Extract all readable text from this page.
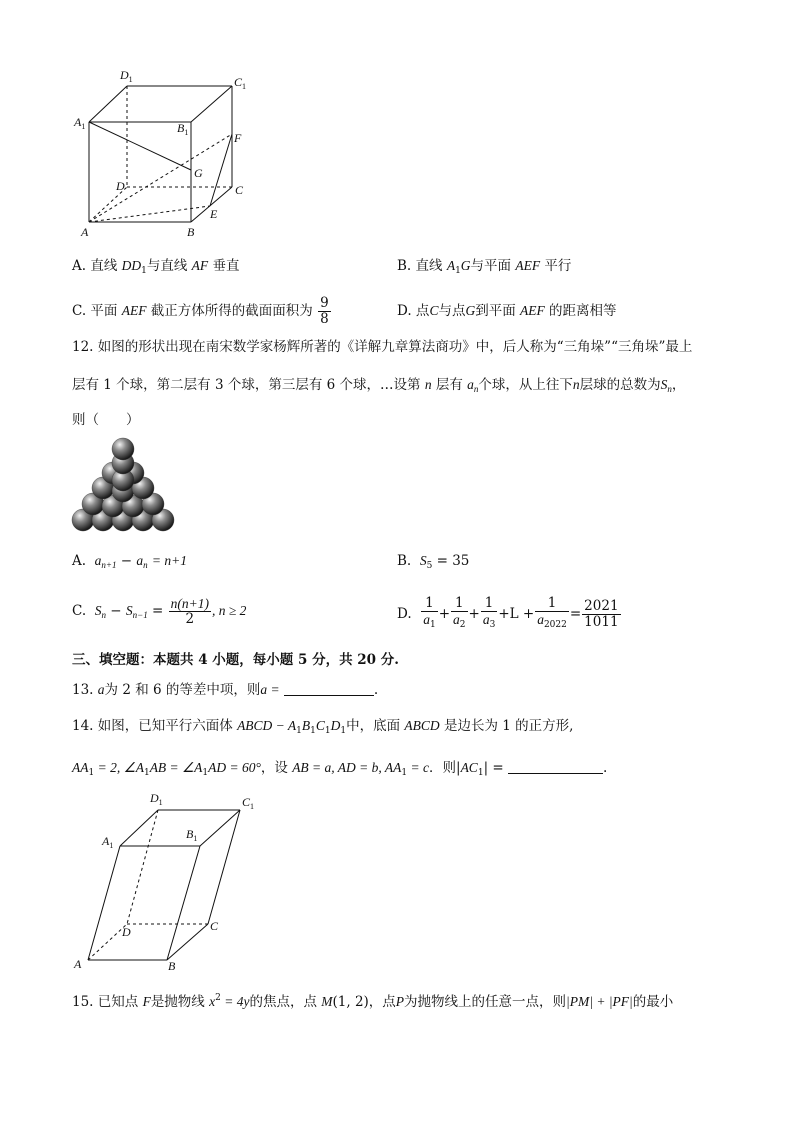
$A_1$
$D_1$	$C_1$
$B_1$	F
G
D	C
E
A	B
A. 直线 $DD_1$与直线 AF 垂直	B. 直线 $A_1G$与平面 AEF 平行
C. 平面 AEF 截正方体所得的截面面积为 $\frac{9}{8}$	D. 点C与点G到平面 AEF 的距离相等
12. 如图的形状出现在南宋数学家杨辉所著的《详解九章算法商功》中，后人称为“三角垛”“三角垛”最上
层有 1 个球，第二层有 3 个球，第三层有 6 个球，…设第 n 层有 $a_n$个球，从上往下n层球的总数为$S_n$，
则（　　）
A. $a_{n+1} - a_n = n+1$	B. $S_5 = 35$
C. $S_n - S_{n-1} = \frac{n(n+1)}{2}$ , n ≥ 2	D. $\frac{1}{a_1} + \frac{1}{a_2} + \frac{1}{a_3} +L + \frac{1}{a_{2022}} = \frac{2021}{1011}$
三、填空题：本题共 4 小题，每小题 5 分，共 20 分.
13. a为 2 和 6 的等差中项，则a =	.
14. 如图，已知平行六面体 ABCD − $A_1B_1C_1D_1$中，底面 ABCD 是边长为 1 的正方形,
$AA_1 = 2$, $\angle A_1AB$ = $\angle A_1AD = 60^\circ$，设 AB = a, AD = b, $AA_1 = c$．则$|AC_1|$ =	.
$A_1$
$D_1$	$C_1$
$B_1$
D	C
A	B
15. 已知点 F是抛物线 $x^2 = 4y$的焦点，点 M(1, 2)，点P为抛物线上的任意一点，则|PM| + |PF|的最小
